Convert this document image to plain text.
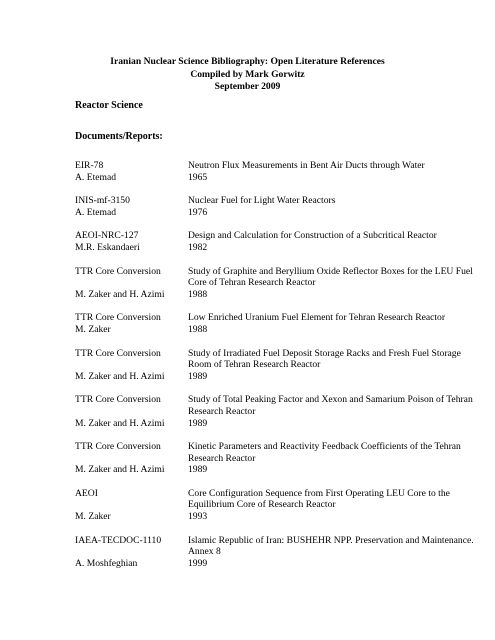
Iranian Nuclear Science Bibliography: Open Literature References
Compiled by Mark Gorwitz
September 2009
Reactor Science
Documents/Reports:
EIR-78	Neutron Flux Measurements in Bent Air Ducts through Water
A. Etemad	1965
INIS-mf-3150	Nuclear Fuel for Light Water Reactors
A. Etemad	1976
AEOI-NRC-127	Design and Calculation for Construction of a Subcritical Reactor
M.R. Eskandaeri	1982
TTR Core Conversion	Study of Graphite and Beryllium Oxide Reflector Boxes for the LEU Fuel Core of Tehran Research Reactor
M. Zaker and H. Azimi	1988
TTR Core Conversion	Low Enriched Uranium Fuel Element for Tehran Research Reactor
M. Zaker	1988
TTR Core Conversion	Study of Irradiated Fuel Deposit Storage Racks and Fresh Fuel Storage Room of Tehran Research Reactor
M. Zaker and H. Azimi	1989
TTR Core Conversion	Study of Total Peaking Factor and Xexon and Samarium Poison of Tehran Research Reactor
M. Zaker and H. Azimi	1989
TTR Core Conversion	Kinetic Parameters and Reactivity Feedback Coefficients of the Tehran Research Reactor
M. Zaker and H. Azimi	1989
AEOI	Core Configuration Sequence from First Operating LEU Core to the Equilibrium Core of Research Reactor
M. Zaker	1993
IAEA-TECDOC-1110	Islamic Republic of Iran: BUSHEHR NPP. Preservation and Maintenance. Annex 8
A. Moshfeghian	1999
